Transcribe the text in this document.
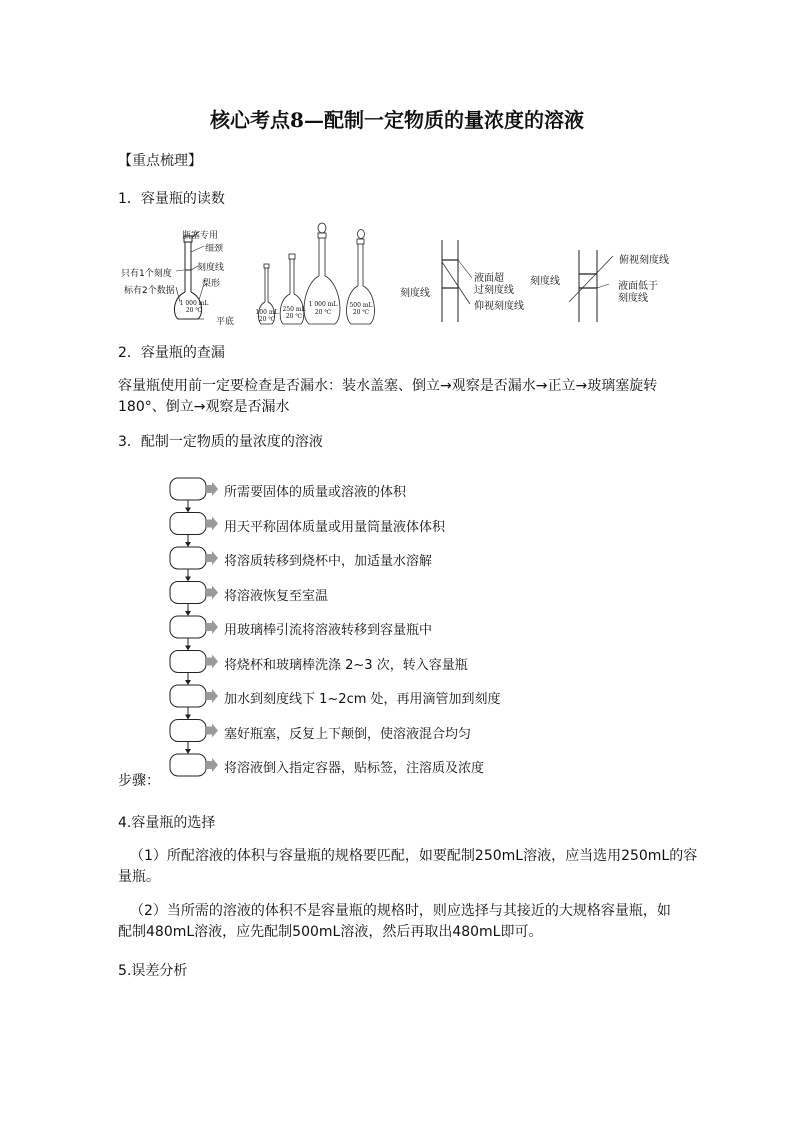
核心考点8—配制一定物质的量浓度的溶液
【重点梳理】
1．容量瓶的读数
瓶塞专用
细颈
只有1个刻度
刻度线
标有2个数据
梨形
平底
1 000 mL
20 ℃	100 mL
20 ℃
250 mL
20 ℃
1 000 mL
20 ℃
500 mL
20 ℃
刻度线
液面超
过刻度线
仰视刻度线
刻度线
俯视刻度线
液面低于
刻度线
2．容量瓶的查漏
容量瓶使用前一定要检查是否漏水：装水盖塞、倒立→观察是否漏水→正立→玻璃塞旋转
180°、倒立→观察是否漏水
3．配制一定物质的量浓度的溶液
所需要固体的质量或溶液的体积
用天平称固体质量或用量筒量液体体积
将溶质转移到烧杯中，加适量水溶解
将溶液恢复至室温
用玻璃棒引流将溶液转移到容量瓶中
将烧杯和玻璃棒洗涤 2~3 次，转入容量瓶
加水到刻度线下 1~2cm 处，再用滴管加到刻度
塞好瓶塞，反复上下颠倒，使溶液混合均匀
将溶液倒入指定容器，贴标签，注溶质及浓度
步骤：
4.容量瓶的选择
（1）所配溶液的体积与容量瓶的规格要匹配，如要配制250mL溶液，应当选用250mL的容
量瓶。
（2）当所需的溶液的体积不是容量瓶的规格时，则应选择与其接近的大规格容量瓶，如
配制480mL溶液，应先配制500mL溶液，然后再取出480mL即可。
5.误差分析
